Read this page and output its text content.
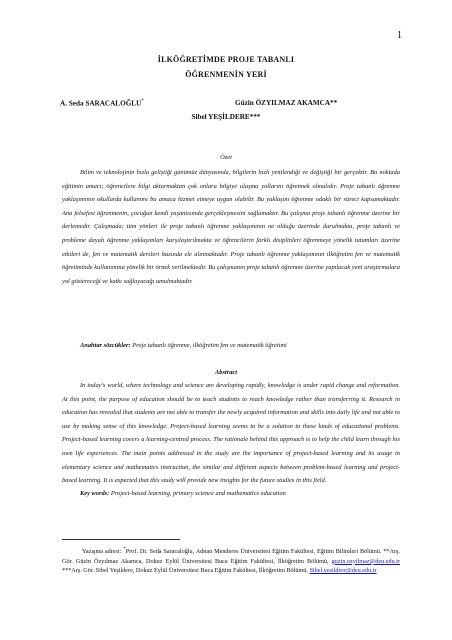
1
İLKÖĞRETİMDE PROJE TABANLI
ÖĞRENMENİN YERİ
A. Seda SARACALOĞLU*	Güzin ÖZYILMAZ AKAMCA**
Sibel YEŞİLDERE***
Özet

Bilim ve teknolojinin hızla geliştiği günümüz dünyasında, bilgilerin hızlı yenilendiği ve değiştiği bir gerçektir. Bu noktada eğitimin amacı; öğrencilere bilgi aktarmaktan çok onlara bilgiye ulaşma yollarını öğretmek olmalıdır. Proje tabanlı öğrenme yaklaşımının okullarda kullanımı bu amaca hizmet etmeye uygun olabilir. Bu yaklaşım öğrenme odaklı bir süreci kapsamaktadır. Ana felsefesi öğrenmenin, çocuğun kendi yaşantısında gerçekleşmesini sağlamaktır. Bu çalışma proje tabanlı öğrenme üzerine bir derlemedir. Çalışmada; tüm yönleri ile proje tabanlı öğrenme yaklaşımının ne olduğu üzerinde durulmakta, proje tabanlı ve probleme dayalı öğrenme yaklaşımları karşılaştırılmakta ve öğrencilerin farklı disiplinleri öğrenmeye yönelik tutumları üzerine etkileri de, fen ve matematik dersleri bazında ele alınmaktadır. Proje tabanlı öğrenme yaklaşımının ilköğretim fen ve matematik öğretiminde kullanımına yönelik bir örnek verilmektedir. Bu çalışmanın proje tabanlı öğrenme üzerine yapılacak yeni araştırmalara yol göstereceği ve katkı sağlayacağı umulmaktadır.

Anahtar sözcükler: Proje tabanlı öğrenme, ilköğretim fen ve matematik öğretimi
Abstract

In today's world, where technology and science are developing rapidly, knowledge is under rapid change and reformation. At this point, the purpose of education should be to teach students to reach knowledge rather than transferring it. Research in education has revealed that students are not able to transfer the newly acquired information and skills into daily life and not able to use by making sense of this knowledge. Project-based learning seems to be a solution to these kinds of educational problems. Project-based learning covers a learning-centred process. The rationale behind this approach is to help the child learn through his own life experiences. The main points addressed in the study are the importance of project-based learning and its usage in elementary science and mathematics instruction, the similar and different aspects between problem-based learning and project-based learning. It is expected that this study will provide new insights for the future studies in this field.

Key words: Project-based learning, primary science and mathematics education

Yazışma adresi: *Prof. Dr. Seda Saracaloğlu, Adnan Menderes Üniversitesi Eğitim Fakültesi, Eğitim Bilimleri Bölümü. **Arş. Gör. Güzin Özyılmaz Akamca, Dokuz Eylül Üniversitesi Buca Eğitim Fakültesi, İlköğretim Bölümü, guzin.ozyilmaz@deu.edu.tr ***Arş. Gör. Sibel Yeşildere, Dokuz Eylül Üniversitesi Buca Eğitim Fakültesi, İlköğretim Bölümü, Sibel.yesildere@deu.edu.tr
